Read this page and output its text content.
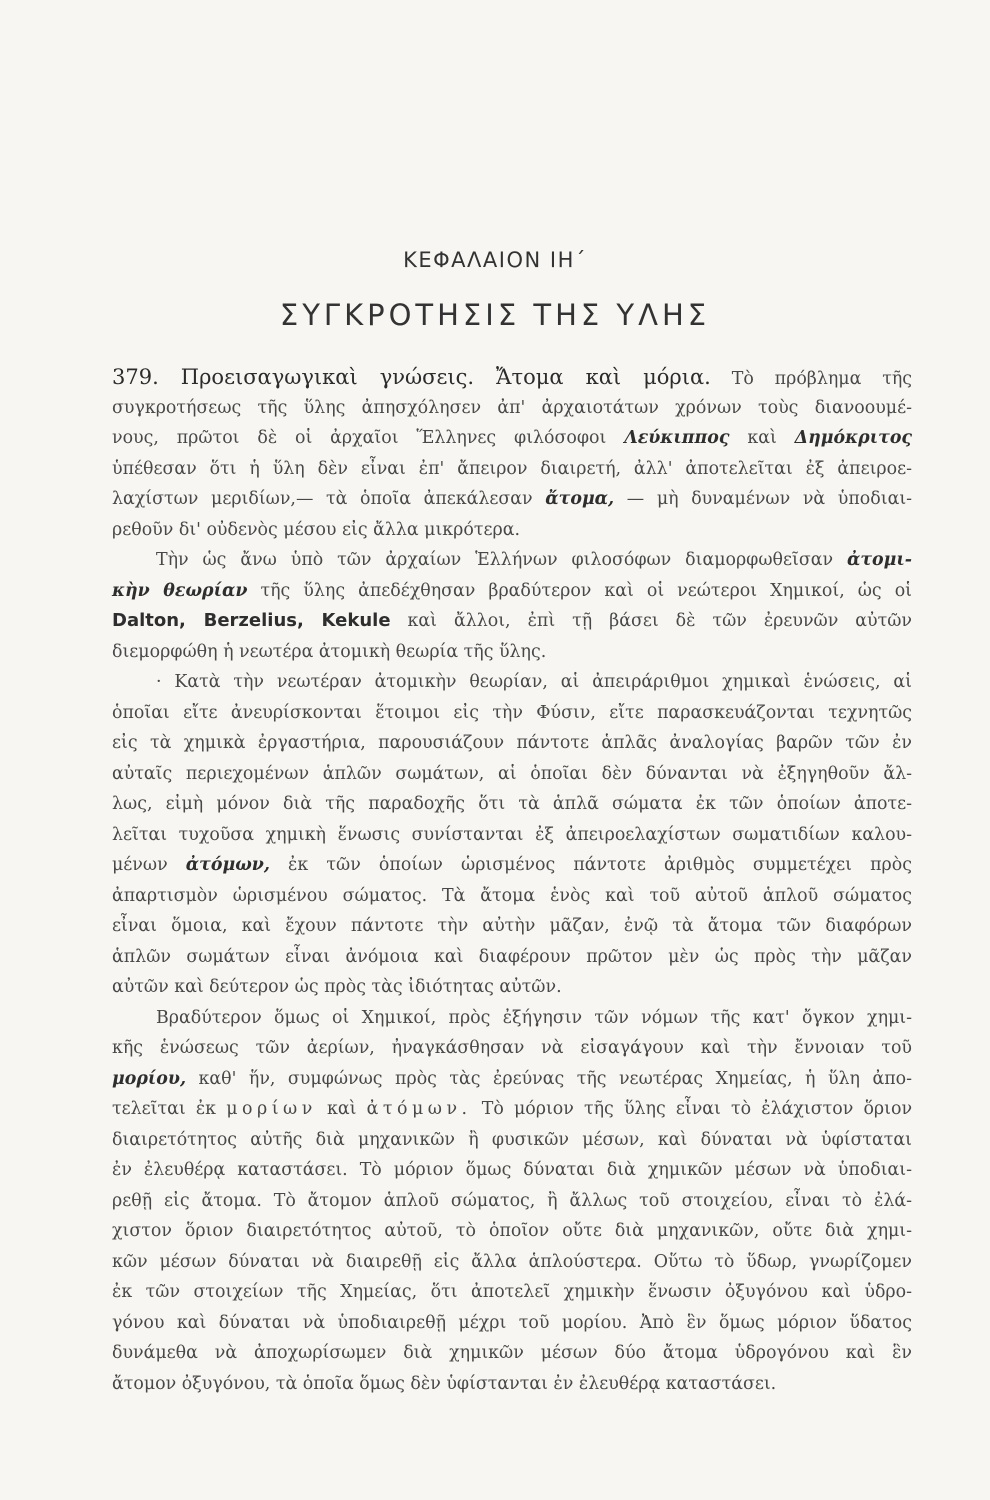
ΚΕΦΑΛΑΙΟΝ ΙΗ΄
ΣΥΓΚΡΟΤΗΣΙΣ ΤΗΣ ΥΛΗΣ
379. Προεισαγωγικαὶ γνώσεις. Ἄτομα καὶ μόρια. Τὸ πρόβλημα τῆς
συγκροτήσεως τῆς ὕλης ἀπησχόλησεν ἀπ' ἀρχαιοτάτων χρόνων τοὺς διανοουμέ-
νους, πρῶτοι δὲ οἱ ἀρχαῖοι Ἕλληνες φιλόσοφοι Λεύκιππος καὶ Δημόκριτος
ὑπέθεσαν ὅτι ἡ ὕλη δὲν εἶναι ἐπ' ἄπειρον διαιρετή, ἀλλ' ἀποτελεῖται ἐξ ἀπειροε-
λαχίστων μεριδίων,— τὰ ὁποῖα ἀπεκάλεσαν ἄτομα, — μὴ δυναμένων νὰ ὑποδιαι-
ρεθοῦν δι' οὐδενὸς μέσου εἰς ἄλλα μικρότερα.
Τὴν ὡς ἄνω ὑπὸ τῶν ἀρχαίων Ἑλλήνων φιλοσόφων διαμορφωθεῖσαν ἀτομι-
κὴν θεωρίαν τῆς ὕλης ἀπεδέχθησαν βραδύτερον καὶ οἱ νεώτεροι Χημικοί, ὡς οἱ
Dalton, Berzelius, Kekule καὶ ἄλλοι, ἐπὶ τῇ βάσει δὲ τῶν ἐρευνῶν αὐτῶν
διεμορφώθη ἡ νεωτέρα ἀτομικὴ θεωρία τῆς ὕλης.
· Κατὰ τὴν νεωτέραν ἀτομικὴν θεωρίαν, αἱ ἀπειράριθμοι χημικαὶ ἑνώσεις, αἱ
ὁποῖαι εἴτε ἀνευρίσκονται ἕτοιμοι εἰς τὴν Φύσιν, εἴτε παρασκευάζονται τεχνητῶς
εἰς τὰ χημικὰ ἐργαστήρια, παρουσιάζουν πάντοτε ἁπλᾶς ἀναλογίας βαρῶν τῶν ἐν
αὐταῖς περιεχομένων ἁπλῶν σωμάτων, αἱ ὁποῖαι δὲν δύνανται νὰ ἐξηγηθοῦν ἄλ-
λως, εἰμὴ μόνον διὰ τῆς παραδοχῆς ὅτι τὰ ἁπλᾶ σώματα ἐκ τῶν ὁποίων ἀποτε-
λεῖται τυχοῦσα χημικὴ ἕνωσις συνίστανται ἐξ ἀπειροελαχίστων σωματιδίων καλου-
μένων ἀτόμων, ἐκ τῶν ὁποίων ὡρισμένος πάντοτε ἀριθμὸς συμμετέχει πρὸς
ἀπαρτισμὸν ὡρισμένου σώματος. Τὰ ἄτομα ἑνὸς καὶ τοῦ αὐτοῦ ἁπλοῦ σώματος
εἶναι ὅμοια, καὶ ἔχουν πάντοτε τὴν αὐτὴν μᾶζαν, ἐνῷ τὰ ἄτομα τῶν διαφόρων
ἁπλῶν σωμάτων εἶναι ἀνόμοια καὶ διαφέρουν πρῶτον μὲν ὡς πρὸς τὴν μᾶζαν
αὐτῶν καὶ δεύτερον ὡς πρὸς τὰς ἰδιότητας αὐτῶν.
Βραδύτερον ὅμως οἱ Χημικοί, πρὸς ἐξήγησιν τῶν νόμων τῆς κατ' ὄγκον χημι-
κῆς ἑνώσεως τῶν ἀερίων, ἠναγκάσθησαν νὰ εἰσαγάγουν καὶ τὴν ἔννοιαν τοῦ
μορίου, καθ' ἥν, συμφώνως πρὸς τὰς ἐρεύνας τῆς νεωτέρας Χημείας, ἡ ὕλη ἀπο-
τελεῖται ἐκ μορίων καὶ ἀτόμων. Τὸ μόριον τῆς ὕλης εἶναι τὸ ἐλάχιστον ὅριον
διαιρετότητος αὐτῆς διὰ μηχανικῶν ἢ φυσικῶν μέσων, καὶ δύναται νὰ ὑφίσταται
ἐν ἐλευθέρᾳ καταστάσει. Τὸ μόριον ὅμως δύναται διὰ χημικῶν μέσων νὰ ὑποδιαι-
ρεθῇ εἰς ἄτομα. Τὸ ἄτομον ἁπλοῦ σώματος, ἢ ἄλλως τοῦ στοιχείου, εἶναι τὸ ἐλά-
χιστον ὅριον διαιρετότητος αὐτοῦ, τὸ ὁποῖον οὔτε διὰ μηχανικῶν, οὔτε διὰ χημι-
κῶν μέσων δύναται νὰ διαιρεθῇ εἰς ἄλλα ἁπλούστερα. Οὕτω τὸ ὕδωρ, γνωρίζομεν
ἐκ τῶν στοιχείων τῆς Χημείας, ὅτι ἀποτελεῖ χημικὴν ἕνωσιν ὀξυγόνου καὶ ὑδρο-
γόνου καὶ δύναται νὰ ὑποδιαιρεθῇ μέχρι τοῦ μορίου. Ἀπὸ ἓν ὅμως μόριον ὕδατος
δυνάμεθα νὰ ἀποχωρίσωμεν διὰ χημικῶν μέσων δύο ἄτομα ὑδρογόνου καὶ ἓν
ἄτομον ὀξυγόνου, τὰ ὁποῖα ὅμως δὲν ὑφίστανται ἐν ἐλευθέρᾳ καταστάσει.
